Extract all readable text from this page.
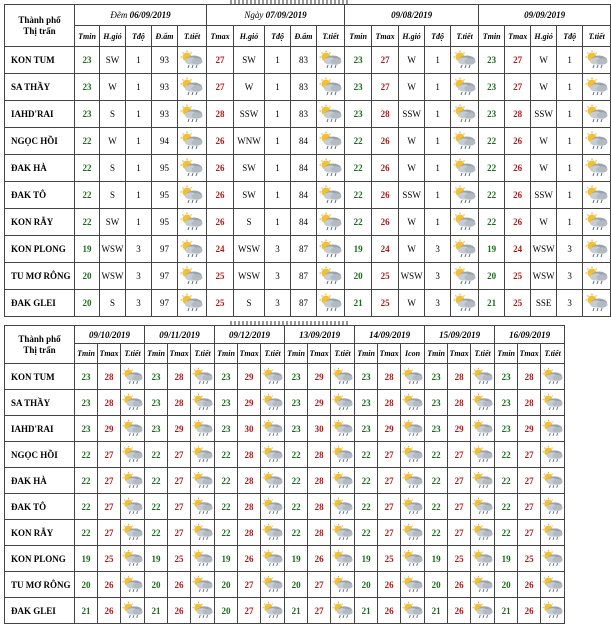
Thành phố
Thị trấn	Đêm 06/09/2019					Ngày 07/09/2019					09/08/2019					09/09/2019				
	Tmin	H.gió	Tđộ	Đ.ẩm	T.tiết	Tmax	H.gió	Tđộ	Đ.ẩm	T.tiết	Tmin	Tmax	H.gió	Tđộ	T.tiết	Tmin	Tmax	H.gió	Tđộ	T.tiết
KON TUM	23	SW	1	93		27	SW	1	83		23	27	W	1		23	27	W	1	

SA THẦY	23	W	1	93		27	W	1	83		23	27	W	1		23	27	W	1	

IAHD'RAI	23	S	1	93		28	SSW	1	83		23	28	SSW	1		23	28	SSW	1	

NGỌC HỒI	22	W	1	94		26	WNW	1	84		22	26	W	1		22	26	W	1	

ĐAK HÀ	22	S	1	95		26	SW	1	84		22	26	W	1		22	26	W	1	

ĐAK TÔ	22	S	1	95		26	SW	1	84		22	26	SSW	1		22	26	SSW	1	

KON RẪY	22	SW	1	95		26	S	1	84		22	26	W	1		22	26	W	1	

KON PLONG	19	WSW	3	97		24	WSW	3	87		19	24	W	3		19	24	WSW	3	

TU MƠ RÔNG	20	WSW	3	97		25	WSW	3	87		20	25	WSW	3		20	25	WSW	3	

ĐAK GLEI	20	S	3	97		25	S	3	87		21	25	W	3		21	25	SSE	3	
Thành phố
Thị trấn	09/10/2019			09/11/2019			09/12/2019			13/09/2019			14/09/2019			15/09/2019			16/09/2019		
	Tmin	Tmax	T.tiết	Tmin	Tmax	T.tiết	Tmin	Tmax	T.tiết	Tmin	Tmax	T.tiết	Tmin	Tmax	Icon	Tmin	Tmax	T.tiết	Tmin	Tmax	T.tiết
KON TUM	23	28		23	28		23	29		23	29		23	28		23	28		23	28	

SA THẦY	23	28		23	28		23	29		23	29		23	28		23	28		23	28	

IAHD'RAI	23	29		23	29		23	30		23	30		23	29		23	29		23	29	

NGỌC HỒI	22	27		22	27		22	28		22	28		22	27		22	27		22	27	

ĐAK HÀ	22	27		22	27		22	28		22	28		22	27		22	27		22	27	

ĐAK TÔ	22	27		22	27		22	28		22	28		22	27		22	27		22	27	

KON RẪY	22	27		22	27		22	28		22	28		22	27		22	27		22	27	

KON PLONG	19	25		19	25		19	26		19	26		19	25		19	25		19	25	

TU MƠ RÔNG	20	26		20	26		20	27		20	27		20	26		20	26		20	26	

ĐAK GLEI	21	26		21	26		20	27		21	27		21	26		21	26		21	26	
